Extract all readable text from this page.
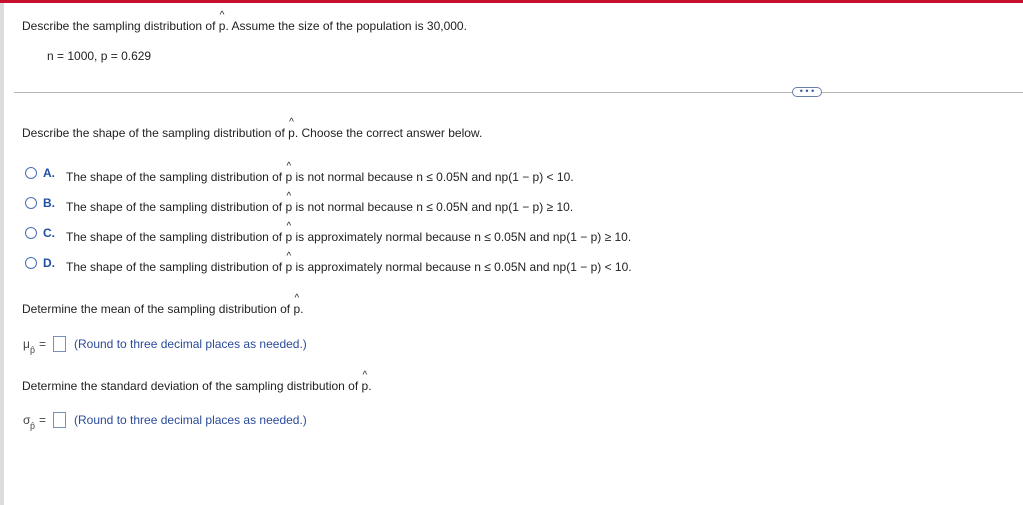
Describe the sampling distribution of ^ p. Assume the size of the population is 30,000.
n = 1000, p = 0.629
• • •
Describe the shape of the sampling distribution of ^ p. Choose the correct answer below.
A. The shape of the sampling distribution of ^ p is not normal because n ≤ 0.05N and np(1 − p) < 10.
B. The shape of the sampling distribution of ^ p is not normal because n ≤ 0.05N and np(1 − p) ≥ 10.
C. The shape of the sampling distribution of ^ p is approximately normal because n ≤ 0.05N and np(1 − p) ≥ 10.
D. The shape of the sampling distribution of ^ p is approximately normal because n ≤ 0.05N and np(1 − p) < 10.
Determine the mean of the sampling distribution of ^ p.
μ p̂ = (Round to three decimal places as needed.)
Determine the standard deviation of the sampling distribution of ^ p.
σ p̂ = (Round to three decimal places as needed.)
